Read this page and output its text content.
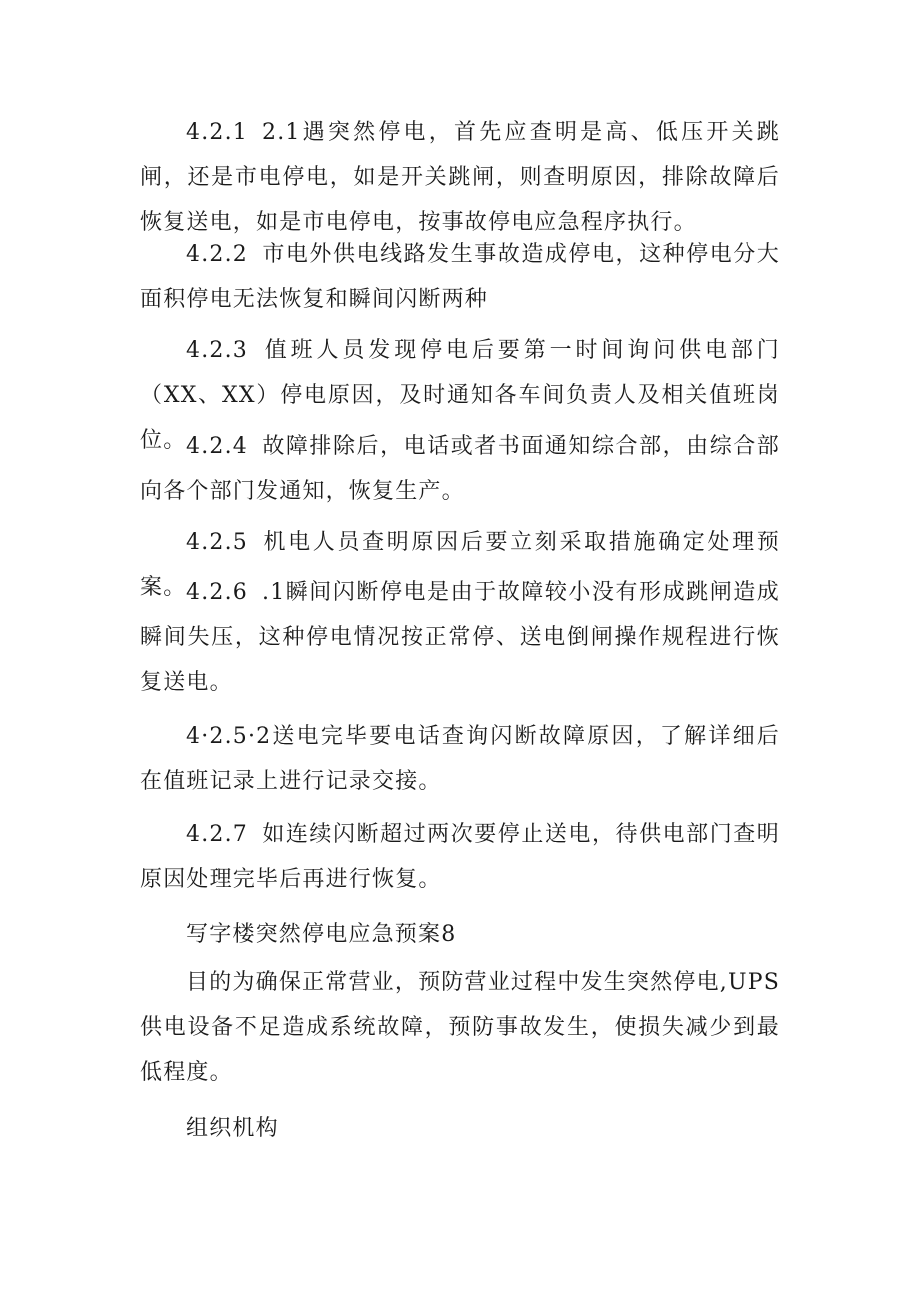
4.2.1 2.1遇突然停电，首先应查明是高、低压开关跳闸，还是市电停电，如是开关跳闸，则查明原因，排除故障后恢复送电，如是市电停电，按事故停电应急程序执行。

4.2.2 市电外供电线路发生事故造成停电，这种停电分大面积停电无法恢复和瞬间闪断两种

4.2.3 值班人员发现停电后要第一时间询问供电部门（XX、XX）停电原因，及时通知各车间负责人及相关值班岗位。 4.2.4 故障排除后，电话或者书面通知综合部，由综合部向各个部门发通知，恢复生产。

4.2.5 机电人员查明原因后要立刻采取措施确定处理预案。 4.2.6 .1瞬间闪断停电是由于故障较小没有形成跳闸造成瞬间失压，这种停电情况按正常停、送电倒闸操作规程进行恢复送电。

4·2.5·2送电完毕要电话查询闪断故障原因，了解详细后在值班记录上进行记录交接。

4.2.7 如连续闪断超过两次要停止送电，待供电部门查明原因处理完毕后再进行恢复。

写字楼突然停电应急预案8

目的为确保正常营业，预防营业过程中发生突然停电,UPS供电设备不足造成系统故障，预防事故发生，使损失减少到最低程度。

组织机构
